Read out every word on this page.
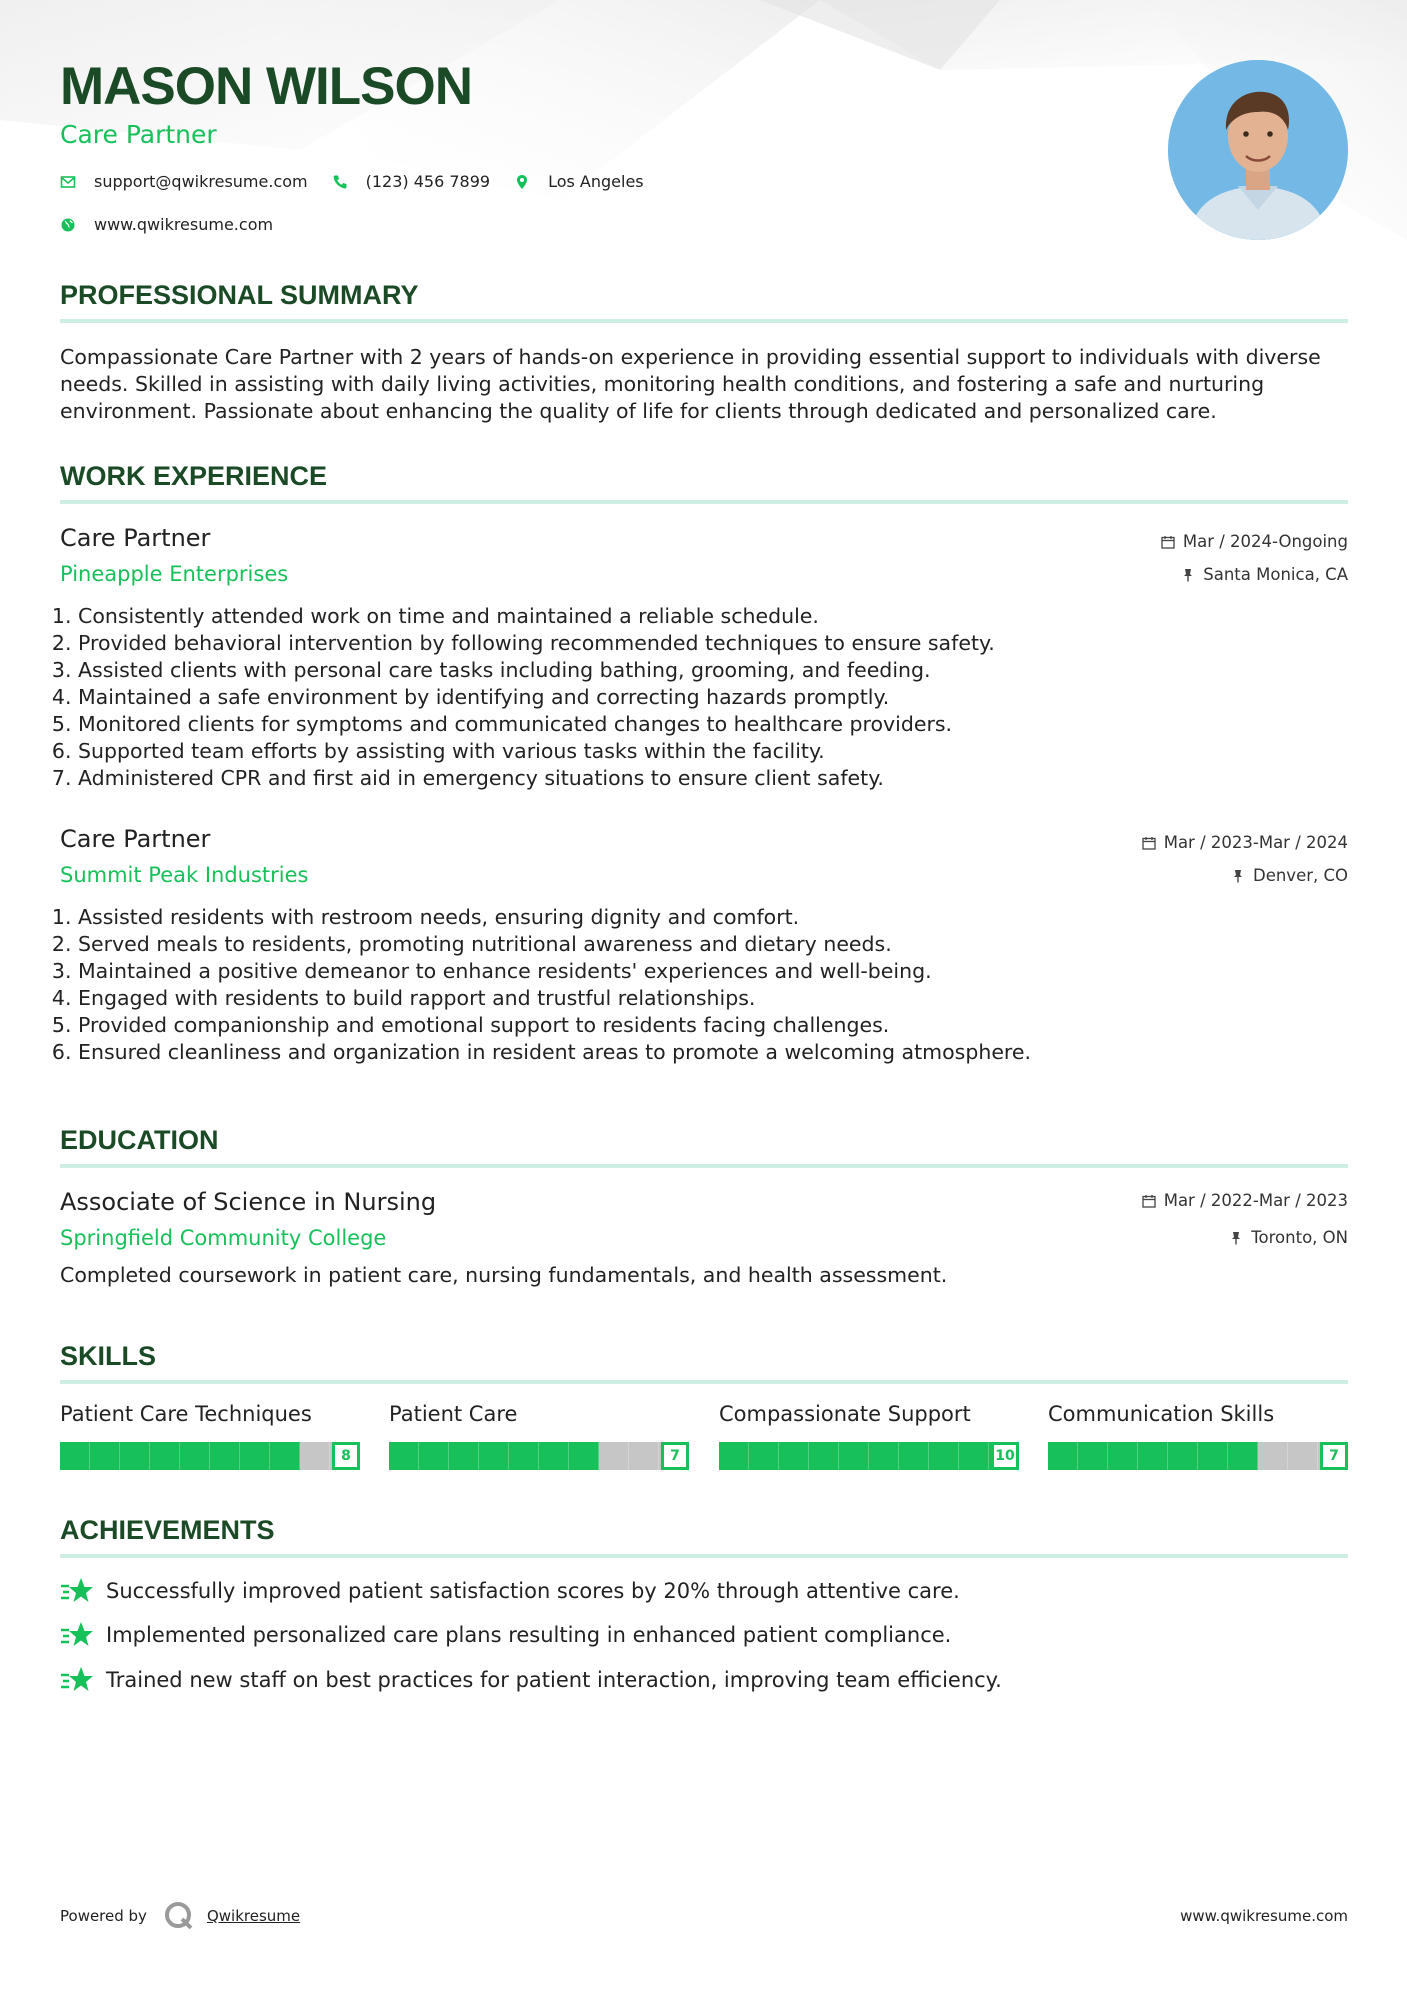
MASON WILSON
Care Partner
support@qwikresume.com	(123) 456 7899	Los Angeles
www.qwikresume.com
PROFESSIONAL SUMMARY

Compassionate Care Partner with 2 years of hands-on experience in providing essential support to individuals with diverse needs. Skilled in assisting with daily living activities, monitoring health conditions, and fostering a safe and nurturing environment. Passionate about enhancing the quality of life for clients through dedicated and personalized care.

WORK EXPERIENCE
Care Partner
Pineapple Enterprises
Mar / 2024-Ongoing
Santa Monica, CA
1. Consistently attended work on time and maintained a reliable schedule.
2. Provided behavioral intervention by following recommended techniques to ensure safety.
3. Assisted clients with personal care tasks including bathing, grooming, and feeding.
4. Maintained a safe environment by identifying and correcting hazards promptly.
5. Monitored clients for symptoms and communicated changes to healthcare providers.
6. Supported team efforts by assisting with various tasks within the facility.
7. Administered CPR and first aid in emergency situations to ensure client safety.
Care Partner
Summit Peak Industries
Mar / 2023-Mar / 2024
Denver, CO
1. Assisted residents with restroom needs, ensuring dignity and comfort.
2. Served meals to residents, promoting nutritional awareness and dietary needs.
3. Maintained a positive demeanor to enhance residents' experiences and well-being.
4. Engaged with residents to build rapport and trustful relationships.
5. Provided companionship and emotional support to residents facing challenges.
6. Ensured cleanliness and organization in resident areas to promote a welcoming atmosphere.
EDUCATION
Associate of Science in Nursing
Springfield Community College
Mar / 2022-Mar / 2023
Toronto, ON

Completed coursework in patient care, nursing fundamentals, and health assessment.

SKILLS
Patient Care Techniques
8
Patient Care
7
Compassionate Support
10
Communication Skills
7
ACHIEVEMENTS
Successfully improved patient satisfaction scores by 20% through attentive care.
Implemented personalized care plans resulting in enhanced patient compliance.
Trained new staff on best practices for patient interaction, improving team efficiency.
Powered by	Qwikresume	www.qwikresume.com
